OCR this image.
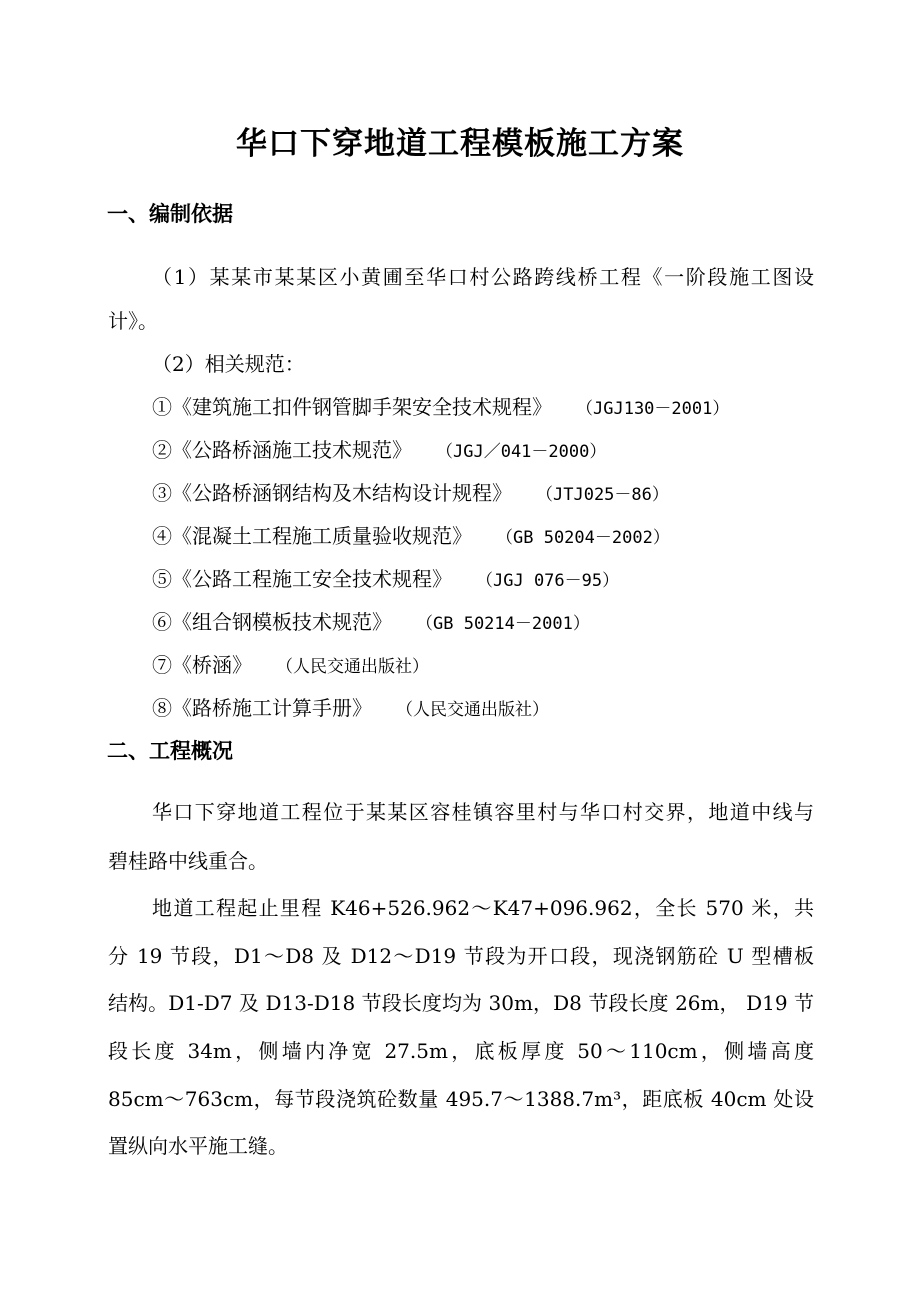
华口下穿地道工程模板施工方案
一、编制依据

（1）某某市某某区小黄圃至华口村公路跨线桥工程《一阶段施工图设

计》。

（2）相关规范：

①《建筑施工扣件钢管脚手架安全技术规程》 （JGJ130－2001）

②《公路桥涵施工技术规范》 （JGJ／041－2000）

③《公路桥涵钢结构及木结构设计规程》 （JTJ025－86）

④《混凝土工程施工质量验收规范》 （GB 50204－2002）

⑤《公路工程施工安全技术规程》 （JGJ 076－95）

⑥《组合钢模板技术规范》 （GB 50214－2001）

⑦《桥涵》 （人民交通出版社）

⑧《路桥施工计算手册》 （人民交通出版社）

二、工程概况

华口下穿地道工程位于某某区容桂镇容里村与华口村交界，地道中线与

碧桂路中线重合。

地道工程起止里程 K46+526.962～K47+096.962，全长 570 米，共

分 19 节段，D1～D8 及 D12～D19 节段为开口段，现浇钢筋砼 U 型槽板

结构。D1-D7 及 D13-D18 节段长度均为 30m，D8 节段长度 26m， D19 节

段长度 34m，侧墙内净宽 27.5m，底板厚度 50～110cm，侧墙高度

85cm～763cm，每节段浇筑砼数量 495.7～1388.7m³，距底板 40cm 处设

置纵向水平施工缝。
